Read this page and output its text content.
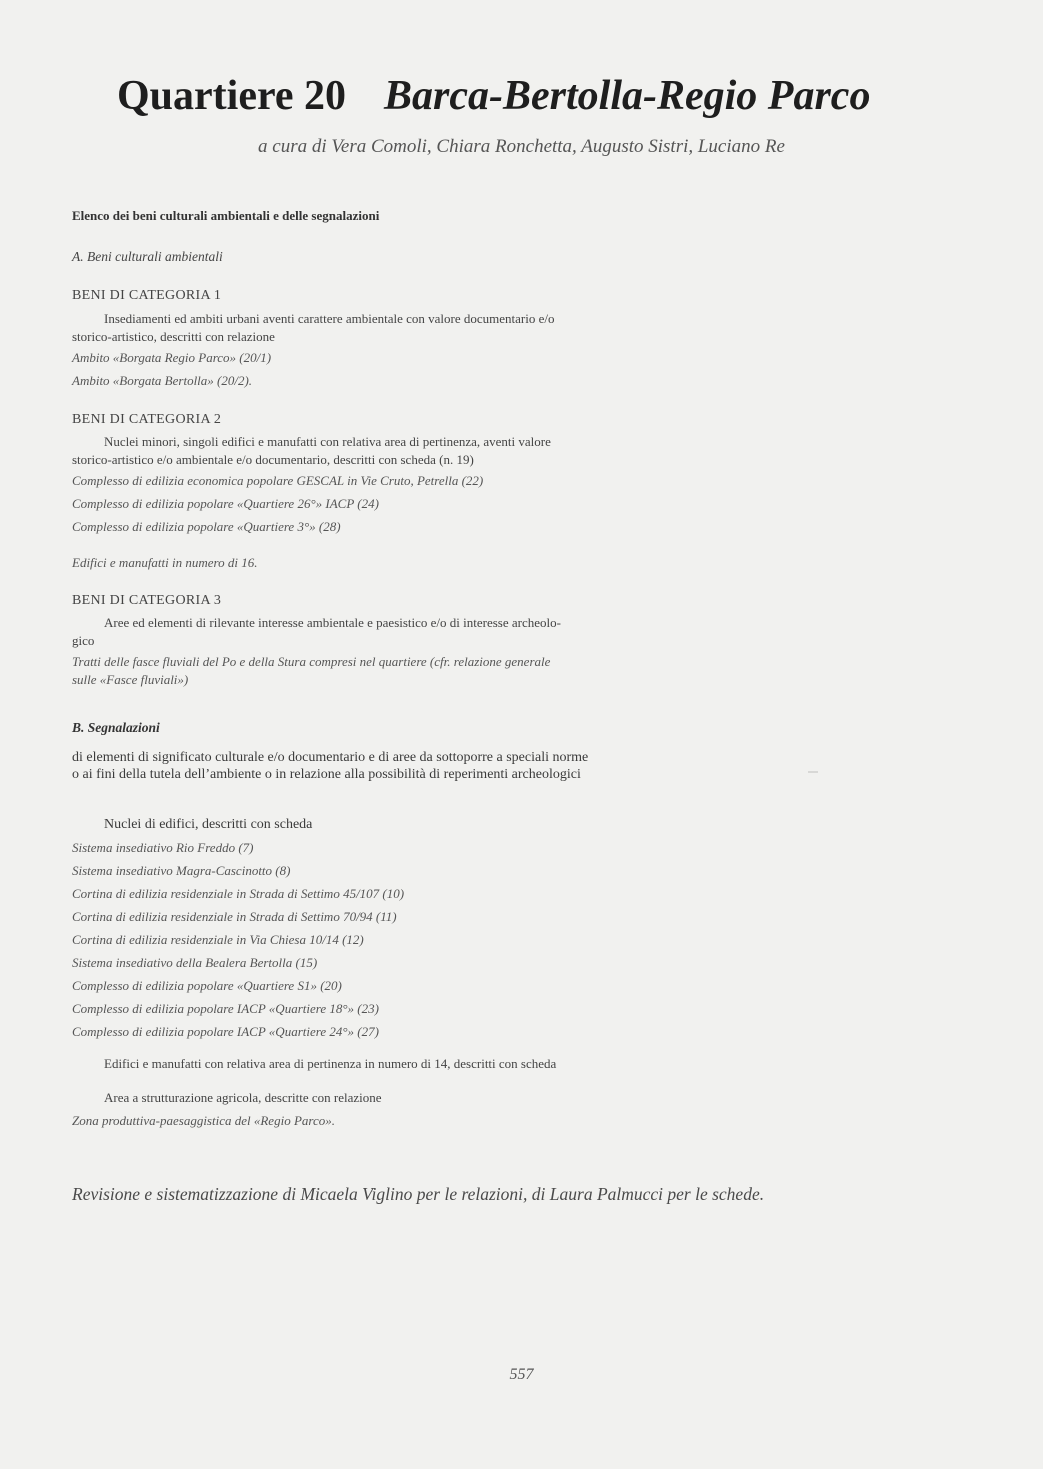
Quartiere 20 Barca-Bertolla-Regio Parco

a cura di Vera Comoli, Chiara Ronchetta, Augusto Sistri, Luciano Re

Elenco dei beni culturali ambientali e delle segnalazioni

A. Beni culturali ambientali

BENI DI CATEGORIA 1

Insediamenti ed ambiti urbani aventi carattere ambientale con valore documentario e/o

storico-artistico, descritti con relazione

Ambito «Borgata Regio Parco» (20/1)

Ambito «Borgata Bertolla» (20/2).

BENI DI CATEGORIA 2

Nuclei minori, singoli edifici e manufatti con relativa area di pertinenza, aventi valore

storico-artistico e/o ambientale e/o documentario, descritti con scheda (n. 19)

Complesso di edilizia economica popolare GESCAL in Vie Cruto, Petrella (22)

Complesso di edilizia popolare «Quartiere 26°» IACP (24)

Complesso di edilizia popolare «Quartiere 3°» (28)

Edifici e manufatti in numero di 16.

BENI DI CATEGORIA 3

Aree ed elementi di rilevante interesse ambientale e paesistico e/o di interesse archeolo-

gico

Tratti delle fasce fluviali del Po e della Stura compresi nel quartiere (cfr. relazione generale

sulle «Fasce fluviali»)

B. Segnalazioni

di elementi di significato culturale e/o documentario e di aree da sottoporre a speciali norme

o ai fini della tutela dell’ambiente o in relazione alla possibilità di reperimenti archeologici

Nuclei di edifici, descritti con scheda

Sistema insediativo Rio Freddo (7)

Sistema insediativo Magra-Cascinotto (8)

Cortina di edilizia residenziale in Strada di Settimo 45/107 (10)

Cortina di edilizia residenziale in Strada di Settimo 70/94 (11)

Cortina di edilizia residenziale in Via Chiesa 10/14 (12)

Sistema insediativo della Bealera Bertolla (15)

Complesso di edilizia popolare «Quartiere S1» (20)

Complesso di edilizia popolare IACP «Quartiere 18°» (23)

Complesso di edilizia popolare IACP «Quartiere 24°» (27)

Edifici e manufatti con relativa area di pertinenza in numero di 14, descritti con scheda

Area a strutturazione agricola, descritte con relazione

Zona produttiva-paesaggistica del «Regio Parco».

Revisione e sistematizzazione di Micaela Viglino per le relazioni, di Laura Palmucci per le schede.

557
